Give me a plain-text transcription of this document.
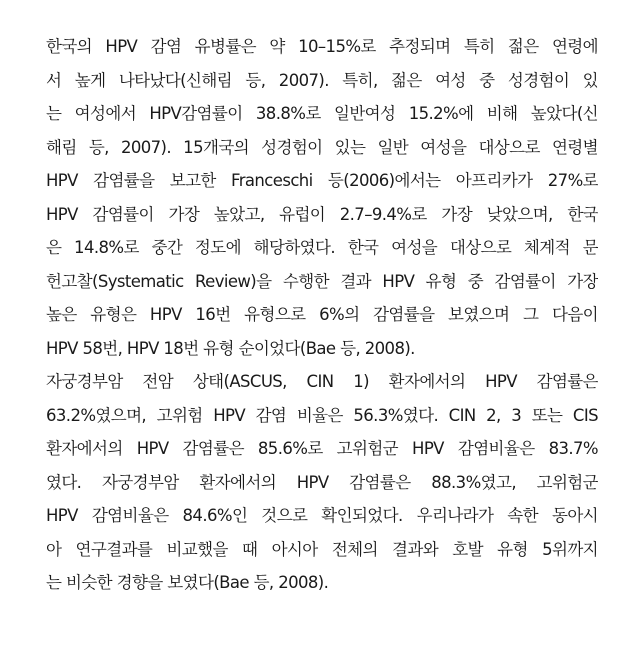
한국의 HPV 감염 유병률은 약 10–15%로 추정되며 특히 젊은 연령에
서 높게 나타났다(신해림 등, 2007). 특히, 젊은 여성 중 성경험이 있
는 여성에서 HPV감염률이 38.8%로 일반여성 15.2%에 비해 높았다(신
해림 등, 2007). 15개국의 성경험이 있는 일반 여성을 대상으로 연령별
HPV 감염률을 보고한 Franceschi 등(2006)에서는 아프리카가 27%로
HPV 감염률이 가장 높았고, 유럽이 2.7–9.4%로 가장 낮았으며, 한국
은 14.8%로 중간 정도에 해당하였다. 한국 여성을 대상으로 체계적 문
헌고찰(Systematic Review)을 수행한 결과 HPV 유형 중 감염률이 가장
높은 유형은 HPV 16번 유형으로 6%의 감염률을 보였으며 그 다음이
HPV 58번, HPV 18번 유형 순이었다(Bae 등, 2008).
자궁경부암 전암 상태(ASCUS, CIN 1) 환자에서의 HPV 감염률은
63.2%였으며, 고위험 HPV 감염 비율은 56.3%였다. CIN 2, 3 또는 CIS
환자에서의 HPV 감염률은 85.6%로 고위험군 HPV 감염비율은 83.7%
였다. 자궁경부암 환자에서의 HPV 감염률은 88.3%였고, 고위험군
HPV 감염비율은 84.6%인 것으로 확인되었다. 우리나라가 속한 동아시
아 연구결과를 비교했을 때 아시아 전체의 결과와 호발 유형 5위까지
는 비슷한 경향을 보였다(Bae 등, 2008).
